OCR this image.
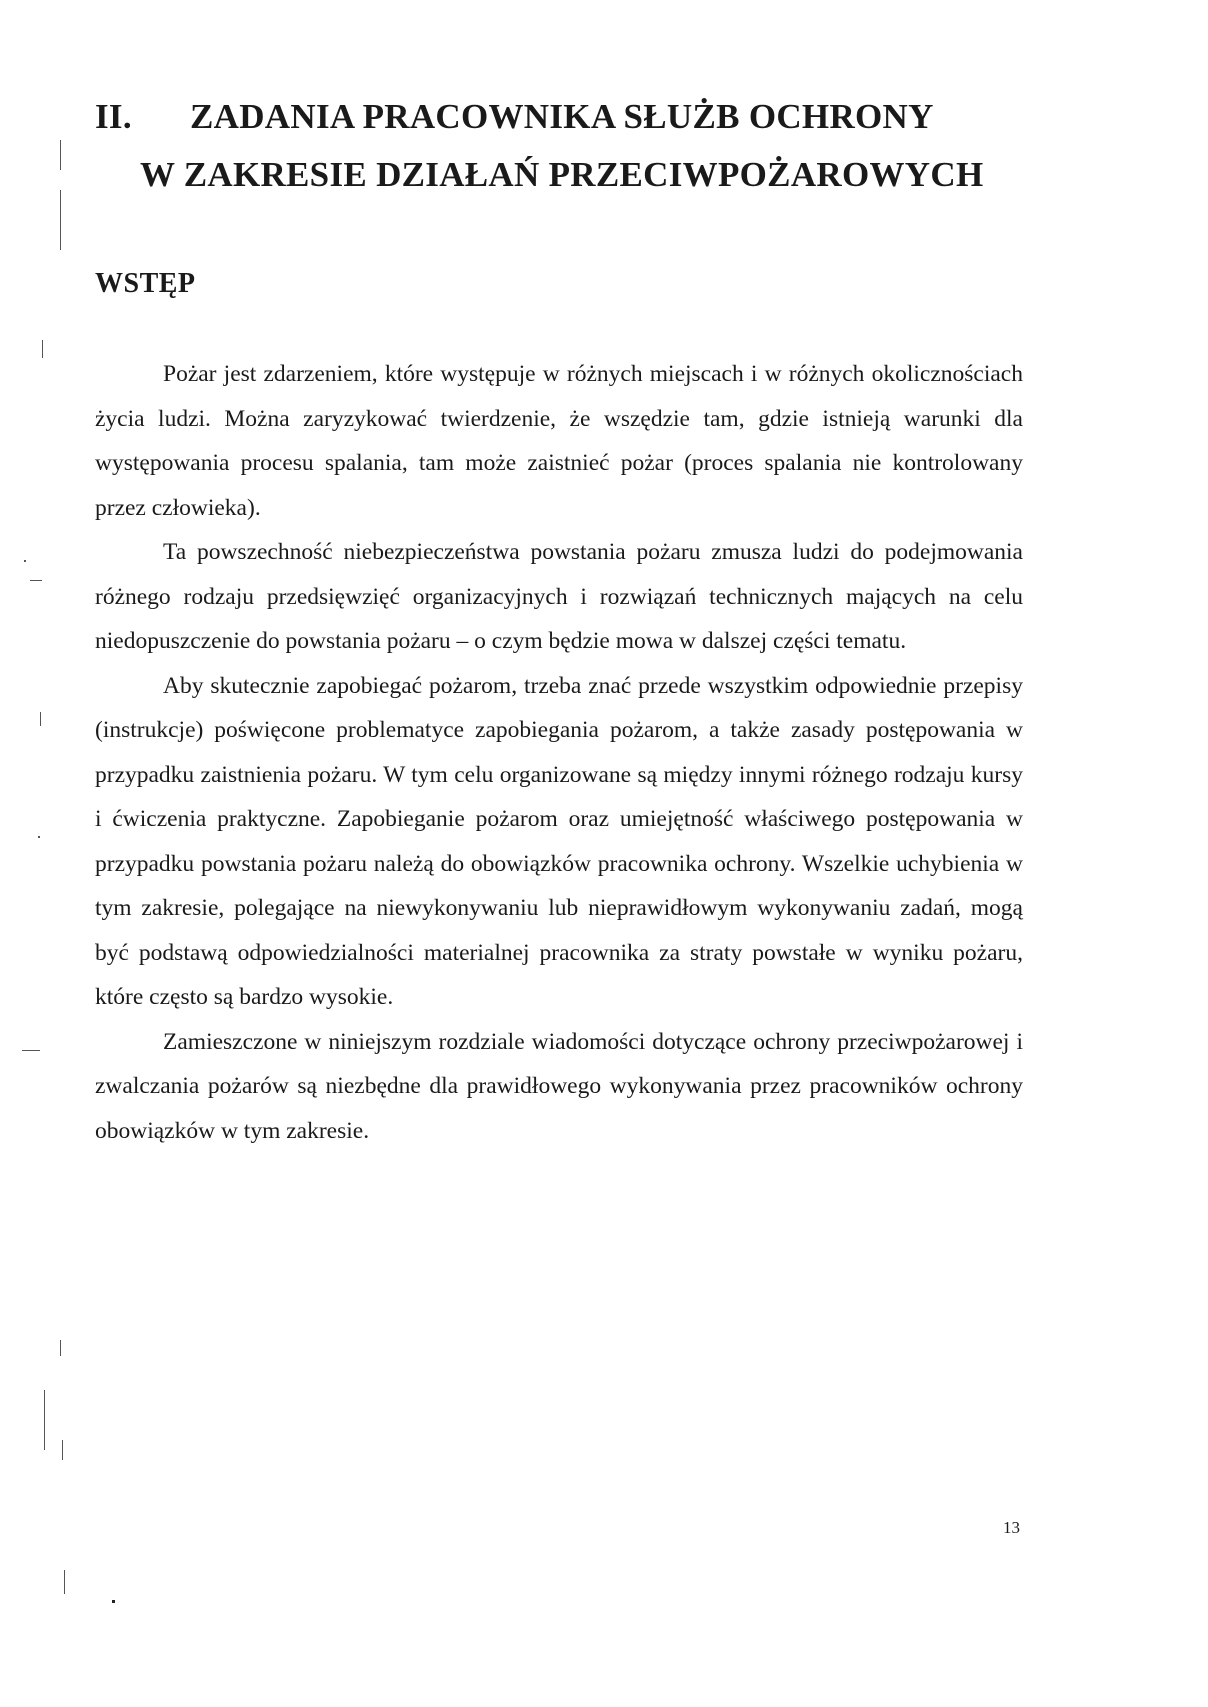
II.	ZADANIA PRACOWNIKA SŁUŻB OCHRONY
W ZAKRESIE DZIAŁAŃ PRZECIWPOŻAROWYCH
WSTĘP

Pożar jest zdarzeniem, które występuje w różnych miejscach i w różnych okolicznościach życia ludzi. Można zaryzykować twierdzenie, że wszędzie tam, gdzie istnieją warunki dla występowania procesu spalania, tam może zaistnieć pożar (proces spalania nie kontrolowany przez człowieka).

Ta powszechność niebezpieczeństwa powstania pożaru zmusza ludzi do podejmowania różnego rodzaju przedsięwzięć organizacyjnych i rozwiązań technicznych mających na celu niedopuszczenie do powstania pożaru – o czym będzie mowa w dalszej części tematu.

Aby skutecznie zapobiegać pożarom, trzeba znać przede wszystkim odpowiednie przepisy (instrukcje) poświęcone problematyce zapobiegania pożarom, a także zasady postępowania w przypadku zaistnienia pożaru. W tym celu organizowane są między innymi różnego rodzaju kursy i ćwiczenia praktyczne. Zapobieganie pożarom oraz umiejętność właściwego postępowania w przypadku powstania pożaru należą do obowiązków pracownika ochrony. Wszelkie uchybienia w tym zakresie, polegające na niewykonywaniu lub nieprawidłowym wykonywaniu zadań, mogą być podstawą odpowiedzialności materialnej pracownika za straty powstałe w wyniku pożaru, które często są bardzo wysokie.

Zamieszczone w niniejszym rozdziale wiadomości dotyczące ochrony przeciwpożarowej i zwalczania pożarów są niezbędne dla prawidłowego wykonywania przez pracowników ochrony obowiązków w tym zakresie.

13
